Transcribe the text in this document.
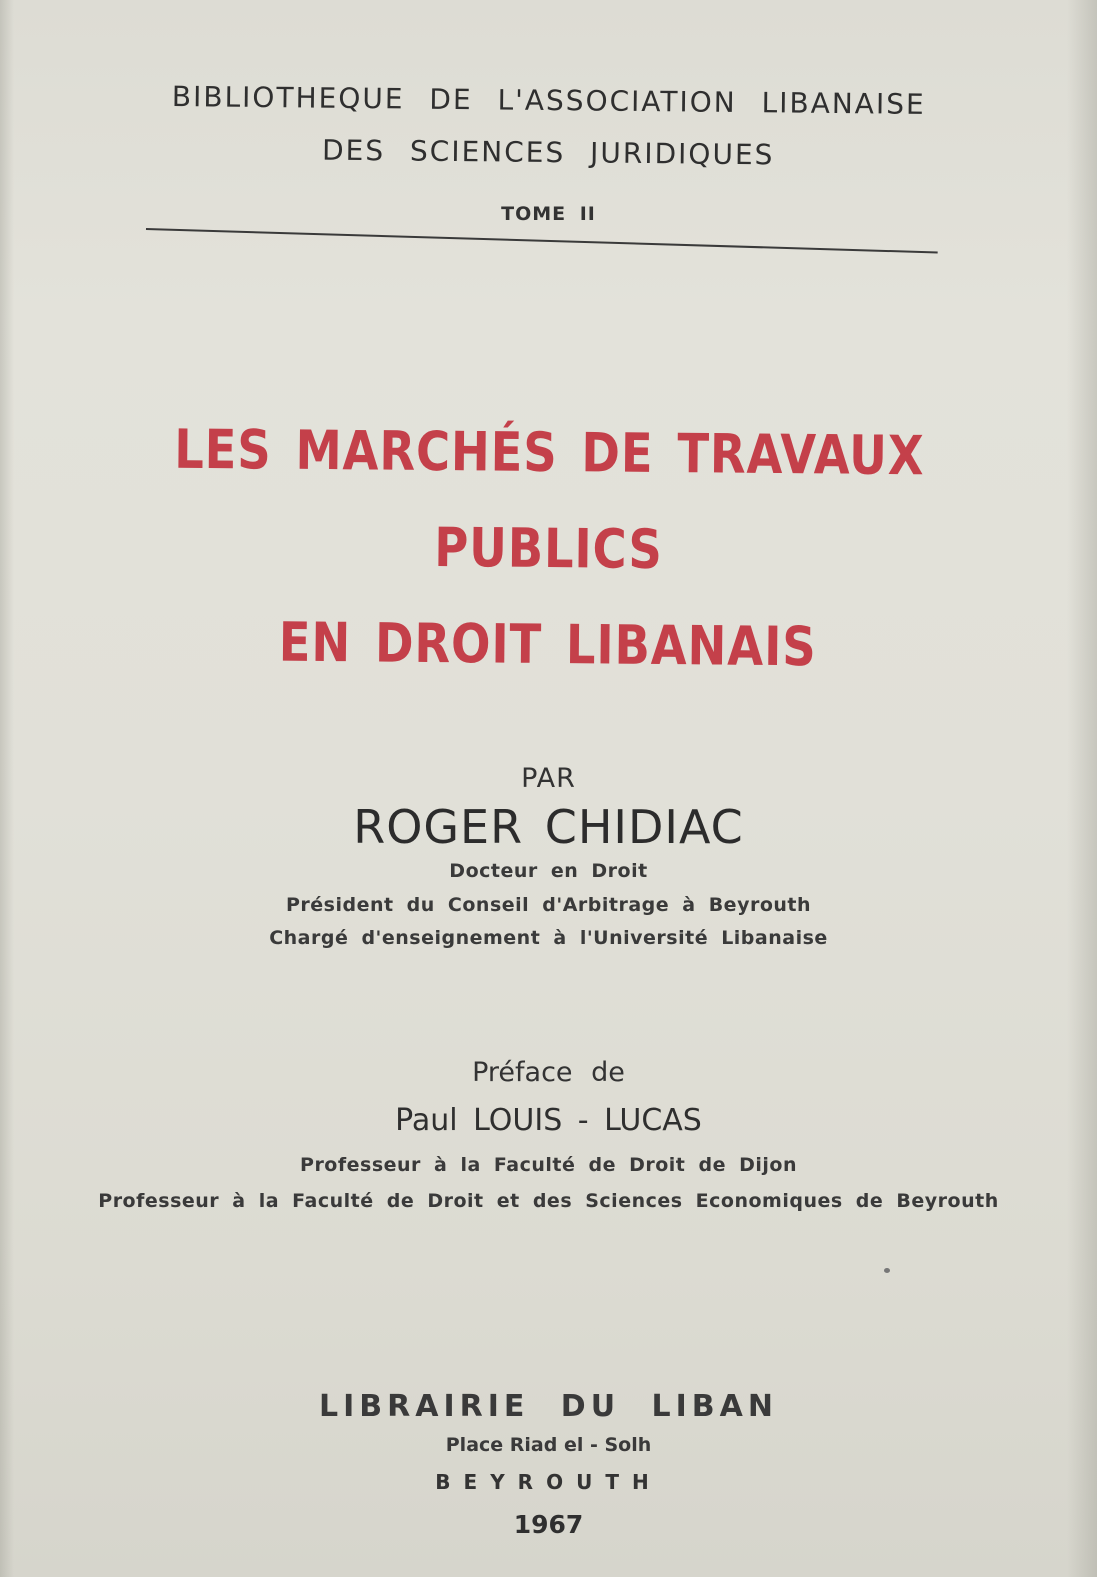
BIBLIOTHEQUE DE L'ASSOCIATION LIBANAISE
DES SCIENCES JURIDIQUES

TOME II

LES MARCHÉS DE TRAVAUX PUBLICS
EN DROIT LIBANAIS

PAR

ROGER CHIDIAC

Docteur en Droit

Président du Conseil d'Arbitrage à Beyrouth

Chargé d'enseignement à l'Université Libanaise

Préface de

Paul LOUIS - LUCAS

Professeur à la Faculté de Droit de Dijon

Professeur à la Faculté de Droit et des Sciences Economiques de Beyrouth

LIBRAIRIE DU LIBAN

Place Riad el - Solh

BEYROUTH

1967
